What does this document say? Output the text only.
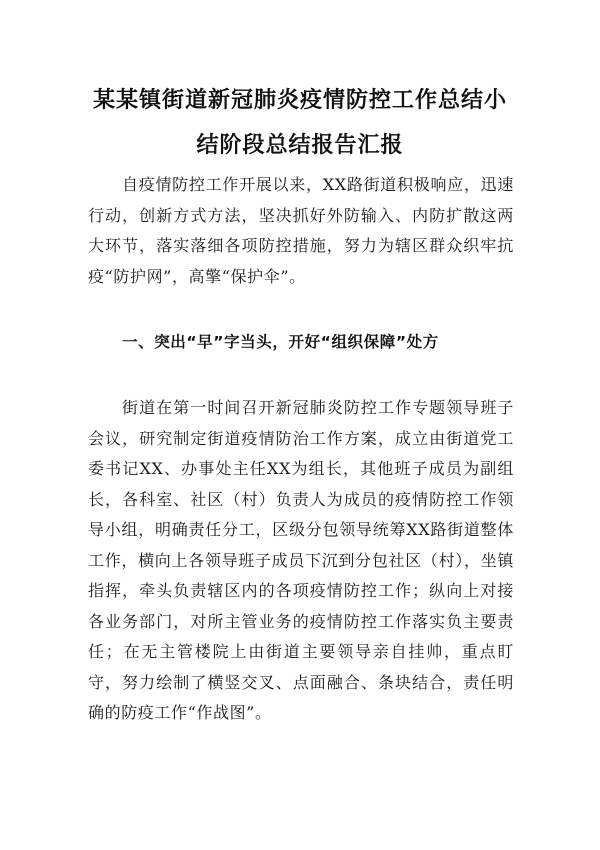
某某镇街道新冠肺炎疫情防控工作总结小
结阶段总结报告汇报

自疫情防控工作开展以来，XX路街道积极响应，迅速行动，创新方式方法，坚决抓好外防输入、内防扩散这两大环节，落实落细各项防控措施，努力为辖区群众织牢抗疫“防护网”，高擎“保护伞”。

一、突出“早”字当头，开好“组织保障”处方

街道在第一时间召开新冠肺炎防控工作专题领导班子会议，研究制定街道疫情防治工作方案，成立由街道党工委书记XX、办事处主任XX为组长，其他班子成员为副组长，各科室、社区（村）负责人为成员的疫情防控工作领导小组，明确责任分工，区级分包领导统筹XX路街道整体工作，横向上各领导班子成员下沉到分包社区（村），坐镇指挥，牵头负责辖区内的各项疫情防控工作；纵向上对接各业务部门，对所主管业务的疫情防控工作落实负主要责任；在无主管楼院上由街道主要领导亲自挂帅，重点盯守，努力绘制了横竖交叉、点面融合、条块结合，责任明确的防疫工作“作战图”。
